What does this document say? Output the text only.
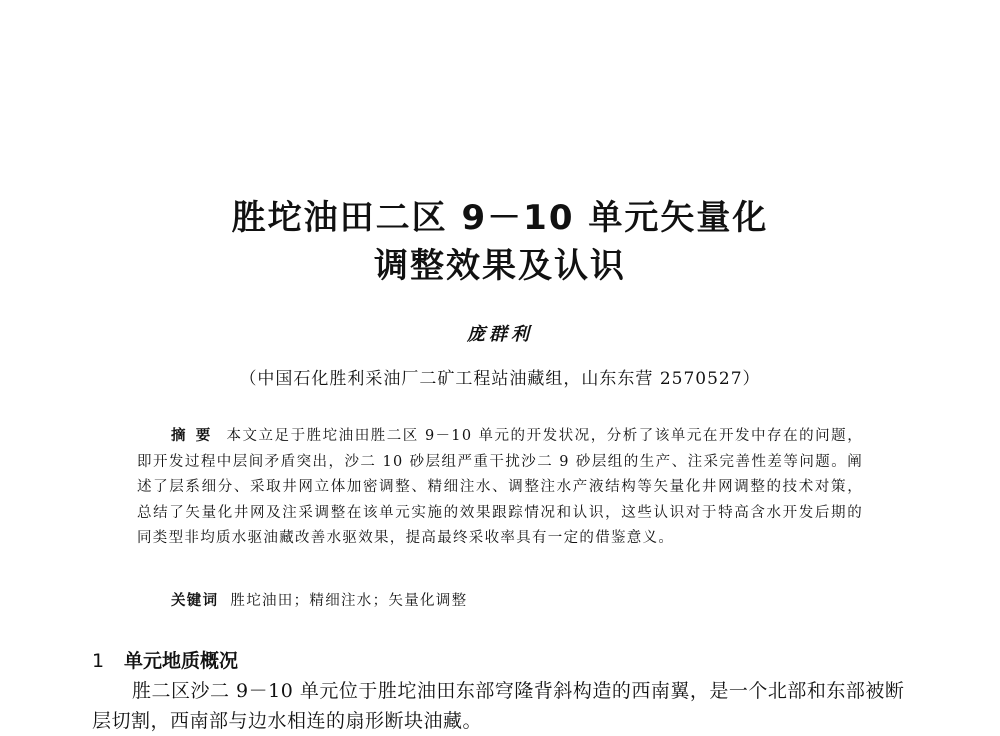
胜坨油田二区 9－10 单元矢量化
调整效果及认识
庞群利
（中国石化胜利采油厂二矿工程站油藏组，山东东营 2570527）
摘要 本文立足于胜坨油田胜二区 9－10 单元的开发状况，分析了该单元在开发中存在的问题，即开发过程中层间矛盾突出，沙二 10 砂层组严重干扰沙二 9 砂层组的生产、注采完善性差等问题。阐述了层系细分、采取井网立体加密调整、精细注水、调整注水产液结构等矢量化井网调整的技术对策，总结了矢量化井网及注采调整在该单元实施的效果跟踪情况和认识，这些认识对于特高含水开发后期的同类型非均质水驱油藏改善水驱效果，提高最终采收率具有一定的借鉴意义。
关键词 胜坨油田；精细注水；矢量化调整
1 单元地质概况
胜二区沙二 9－10 单元位于胜坨油田东部穹隆背斜构造的西南翼，是一个北部和东部被断层切割，西南部与边水相连的扇形断块油藏。
